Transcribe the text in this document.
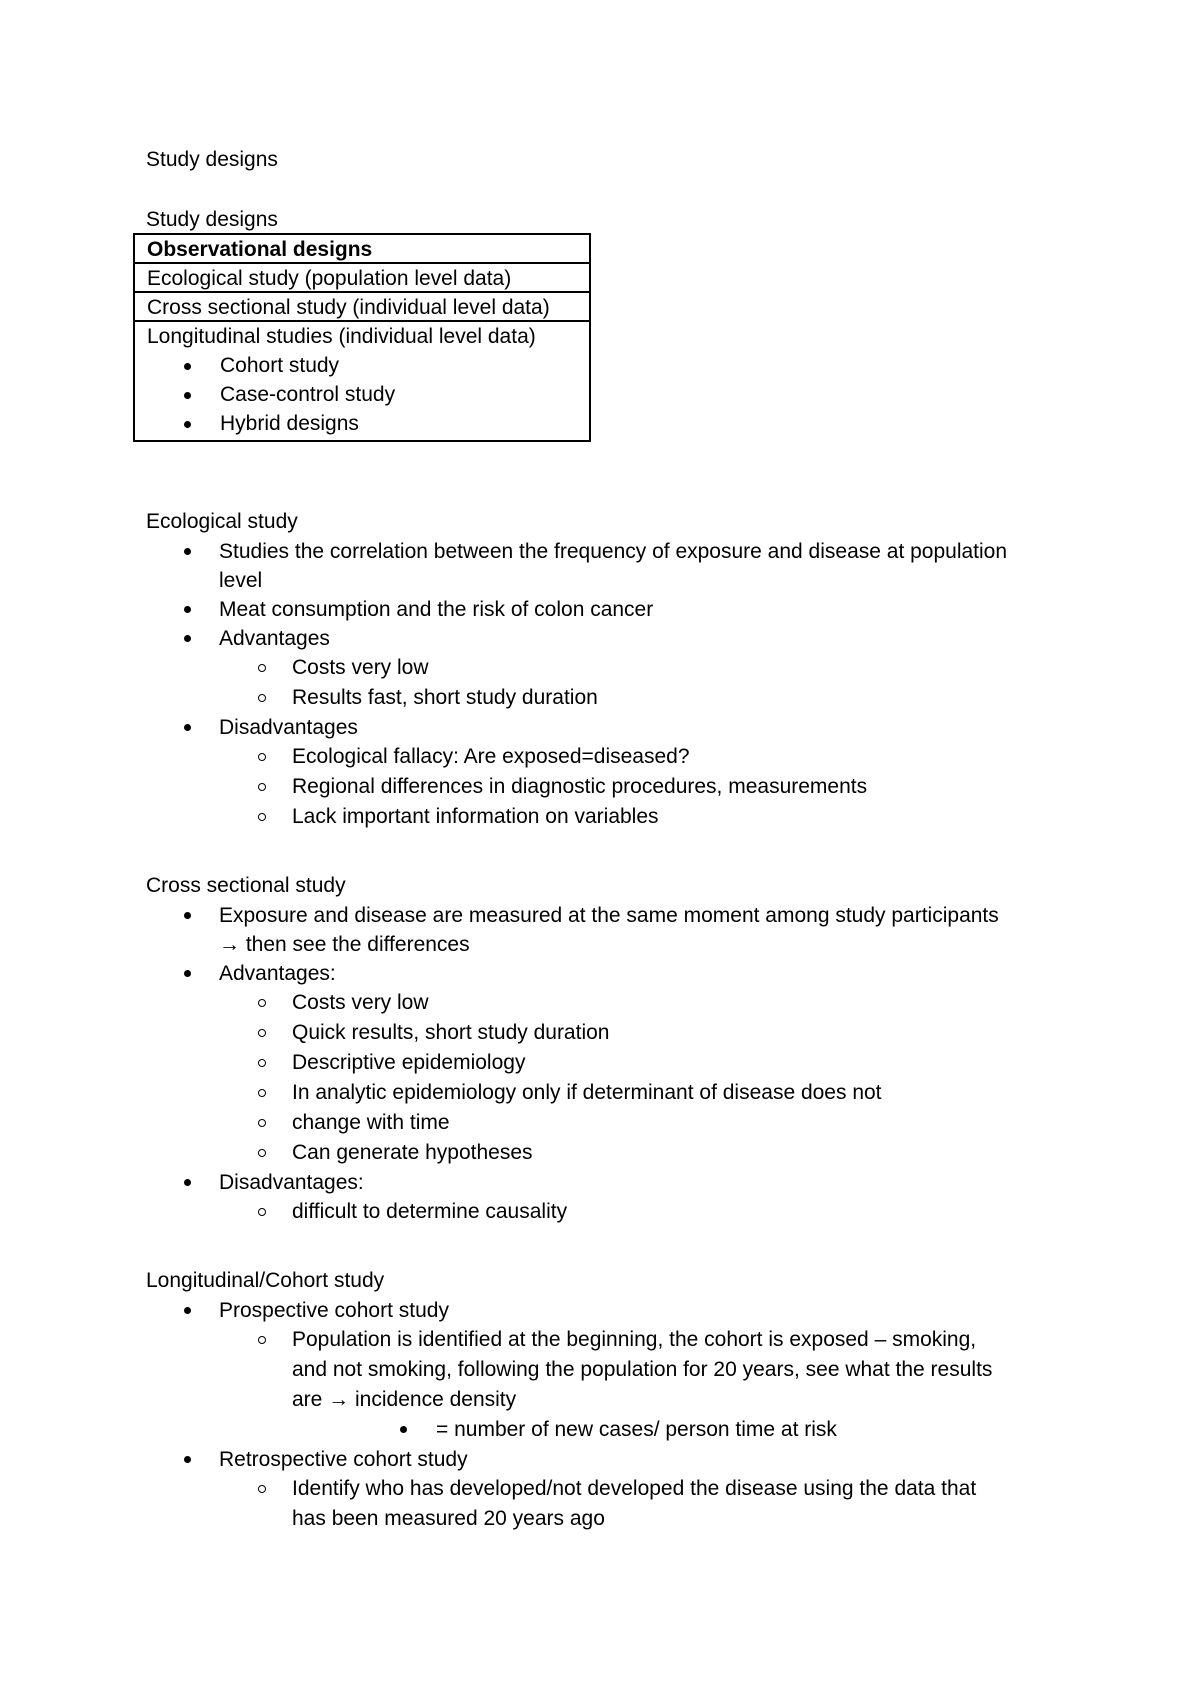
Study designs
Study designs
Observational designs
Ecological study (population level data)
Cross sectional study (individual level data)
Longitudinal studies (individual level data)
Cohort study
Case-control study
Hybrid designs
Ecological study
Studies the correlation between the frequency of exposure and disease at population
level
Meat consumption and the risk of colon cancer
Advantages
Costs very low
Results fast, short study duration
Disadvantages
Ecological fallacy: Are exposed=diseased?
Regional differences in diagnostic procedures, measurements
Lack important information on variables
Cross sectional study
Exposure and disease are measured at the same moment among study participants
→ then see the differences
Advantages:
Costs very low
Quick results, short study duration
Descriptive epidemiology
In analytic epidemiology only if determinant of disease does not
change with time
Can generate hypotheses
Disadvantages:
difficult to determine causality
Longitudinal/Cohort study
Prospective cohort study
Population is identified at the beginning, the cohort is exposed – smoking,
and not smoking, following the population for 20 years, see what the results
are → incidence density
= number of new cases/ person time at risk
Retrospective cohort study
Identify who has developed/not developed the disease using the data that
has been measured 20 years ago
